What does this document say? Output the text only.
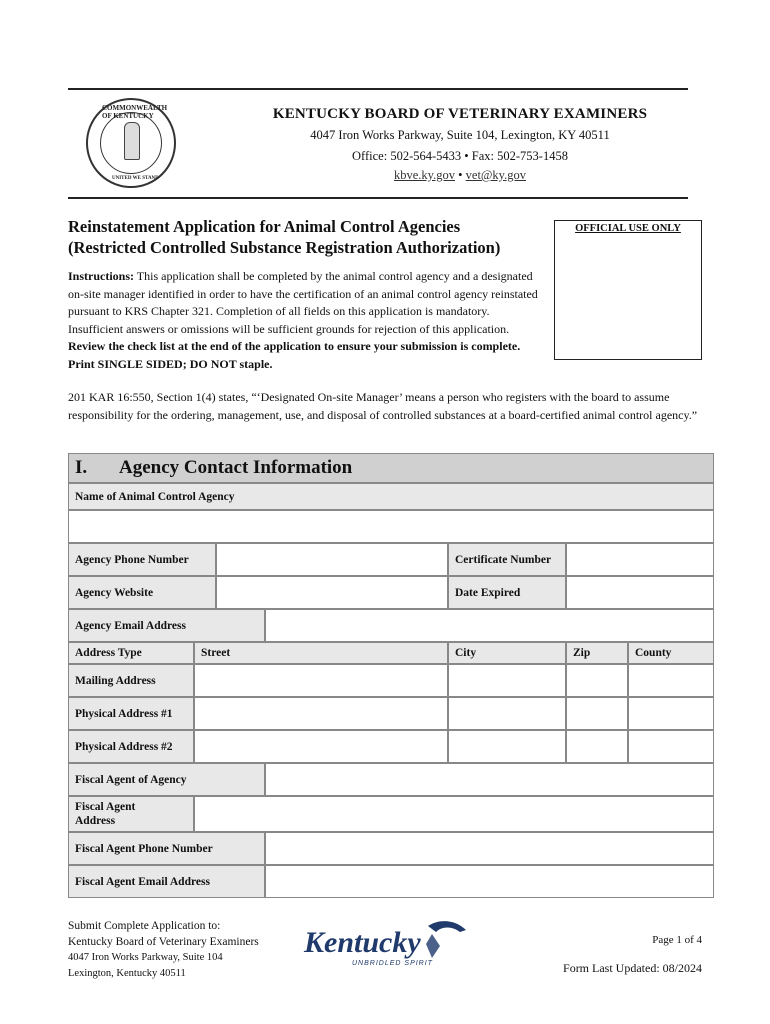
COMMONWEALTH OF KENTUCKY
UNITED WE STAND
KENTUCKY BOARD OF VETERINARY EXAMINERS
4047 Iron Works Parkway, Suite 104, Lexington, KY 40511
Office: 502-564-5433 • Fax: 502-753-1458
kbve.ky.gov • vet@ky.gov
Reinstatement Application for Animal Control Agencies
(Restricted Controlled Substance Registration Authorization)
OFFICIAL USE ONLY
Instructions: This application shall be completed by the animal control agency and a designated on-site manager identified in order to have the certification of an animal control agency reinstated pursuant to KRS Chapter 321. Completion of all fields on this application is mandatory. Insufficient answers or omissions will be sufficient grounds for rejection of this application. Review the check list at the end of the application to ensure your submission is complete. Print SINGLE SIDED; DO NOT staple.
201 KAR 16:550, Section 1(4) states, “‘Designated On-site Manager’ means a person who registers with the board to assume responsibility for the ordering, management, use, and disposal of controlled substances at a board-certified animal control agency.”
I. Agency Contact Information
Name of Animal Control Agency
Agency Phone Number	Certificate Number
Agency Website	Date Expired
Agency Email Address
Address Type	Street	City	Zip	County
Mailing Address
Physical Address #1
Physical Address #2
Fiscal Agent of Agency
Fiscal Agent Address
Fiscal Agent Phone Number
Fiscal Agent Email Address
Submit Complete Application to:
Kentucky Board of Veterinary Examiners
4047 Iron Works Parkway, Suite 104
Lexington, Kentucky 40511
Kentucky
UNBRIDLED SPIRIT
Page 1 of 4
Form Last Updated: 08/2024
